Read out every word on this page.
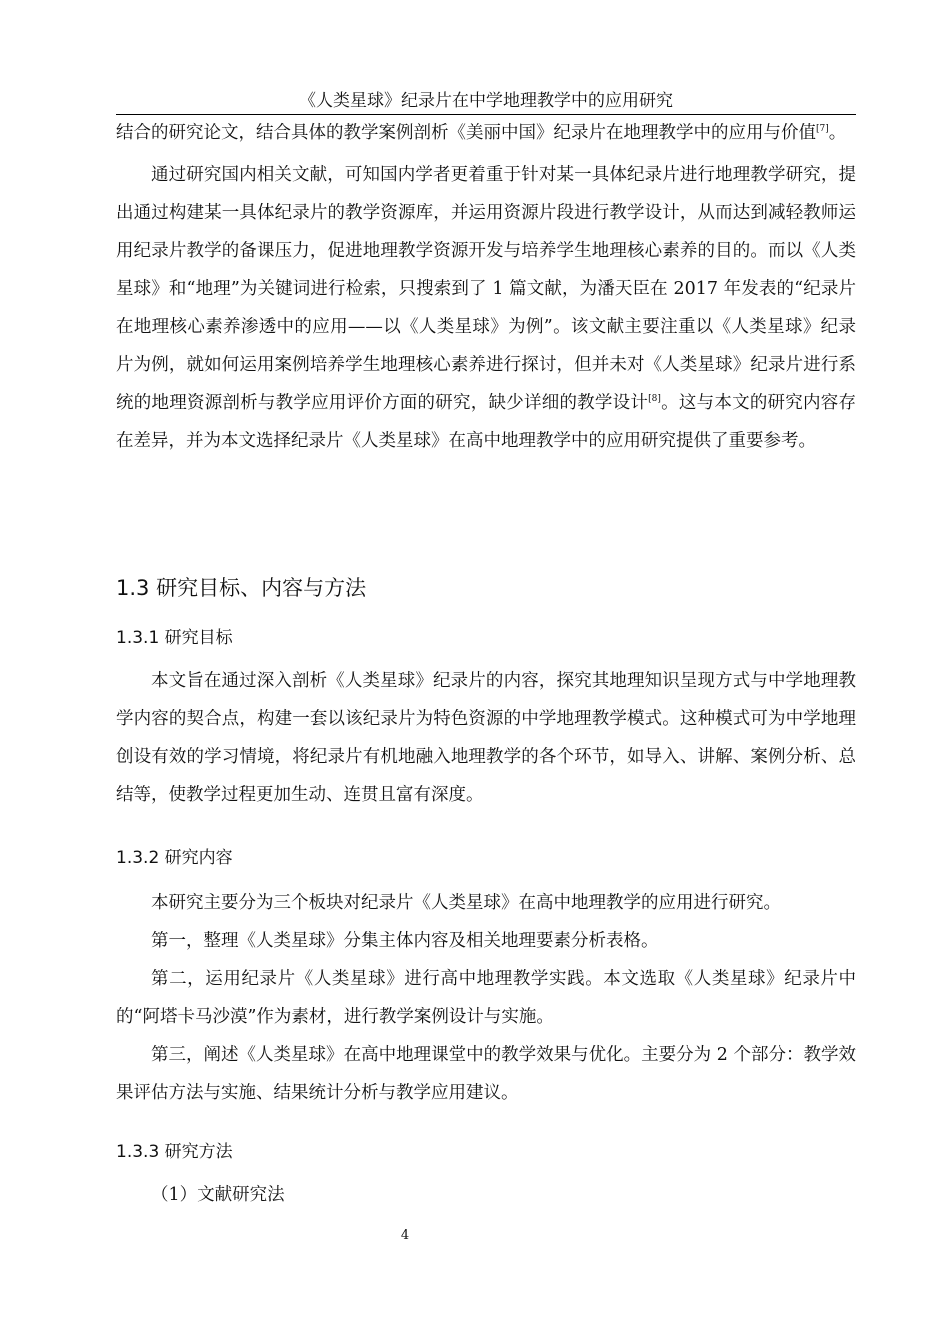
《人类星球》纪录片在中学地理教学中的应用研究

结合的研究论文，结合具体的教学案例剖析《美丽中国》纪录片在地理教学中的应用与价值[7]。

通过研究国内相关文献，可知国内学者更着重于针对某一具体纪录片进行地理教学研究，提出通过构建某一具体纪录片的教学资源库，并运用资源片段进行教学设计，从而达到减轻教师运用纪录片教学的备课压力，促进地理教学资源开发与培养学生地理核心素养的目的。而以《人类星球》和“地理”为关键词进行检索，只搜索到了 1 篇文献，为潘天臣在 2017 年发表的“纪录片在地理核心素养渗透中的应用——以《人类星球》为例”。该文献主要注重以《人类星球》纪录片为例，就如何运用案例培养学生地理核心素养进行探讨，但并未对《人类星球》纪录片进行系统的地理资源剖析与教学应用评价方面的研究，缺少详细的教学设计[8]。这与本文的研究内容存在差异，并为本文选择纪录片《人类星球》在高中地理教学中的应用研究提供了重要参考。

1.3 研究目标、内容与方法
1.3.1 研究目标

本文旨在通过深入剖析《人类星球》纪录片的内容，探究其地理知识呈现方式与中学地理教学内容的契合点，构建一套以该纪录片为特色资源的中学地理教学模式。这种模式可为中学地理创设有效的学习情境，将纪录片有机地融入地理教学的各个环节，如导入、讲解、案例分析、总结等，使教学过程更加生动、连贯且富有深度。

1.3.2 研究内容

本研究主要分为三个板块对纪录片《人类星球》在高中地理教学的应用进行研究。

第一，整理《人类星球》分集主体内容及相关地理要素分析表格。

第二，运用纪录片《人类星球》进行高中地理教学实践。本文选取《人类星球》纪录片中的“阿塔卡马沙漠”作为素材，进行教学案例设计与实施。

第三，阐述《人类星球》在高中地理课堂中的教学效果与优化。主要分为 2 个部分：教学效果评估方法与实施、结果统计分析与教学应用建议。

1.3.3 研究方法

（1）文献研究法

4
